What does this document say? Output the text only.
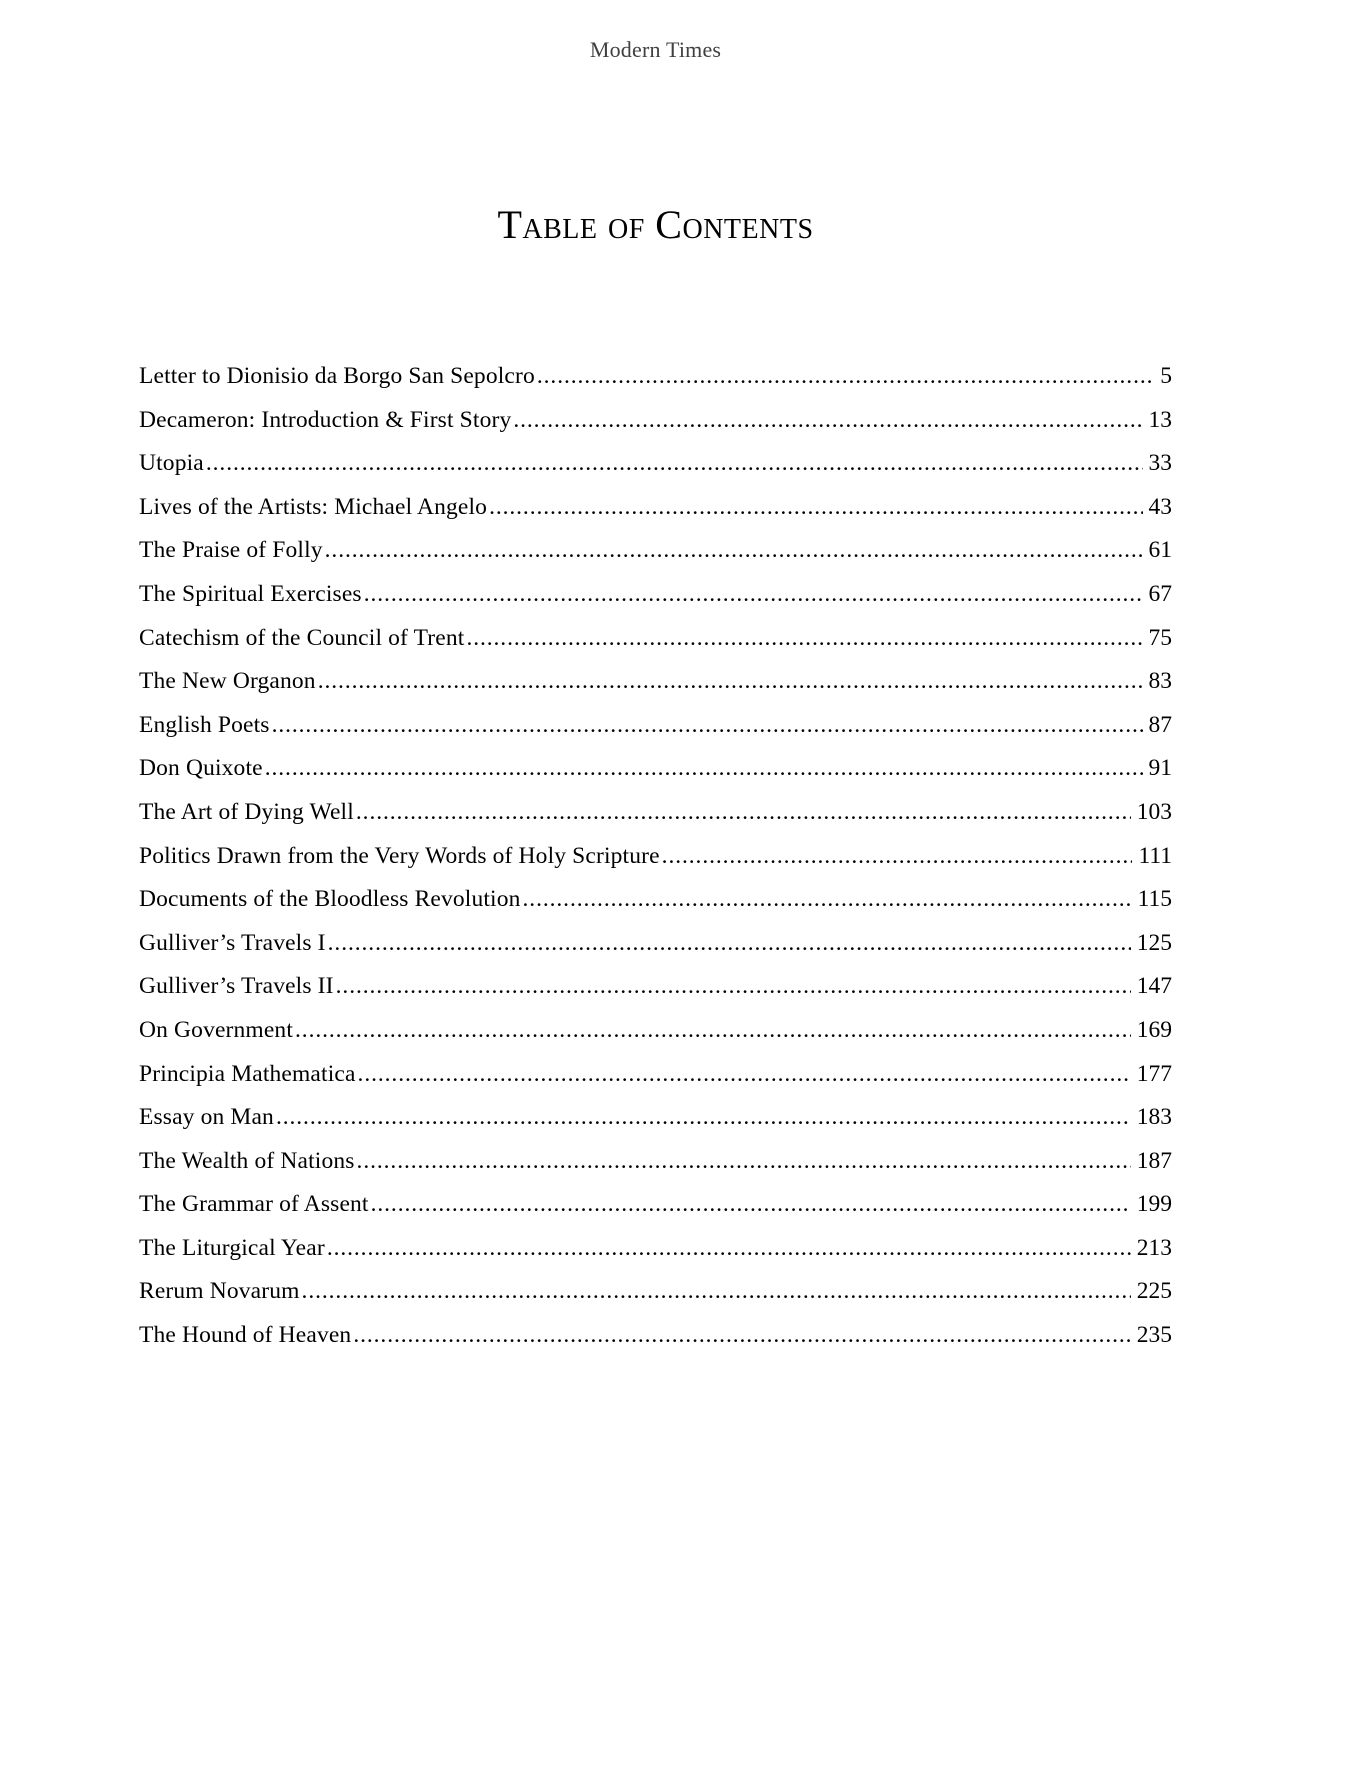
Modern Times
Table of Contents
Letter to Dionisio da Borgo San Sepolcro .....	5
Decameron: Introduction & First Story .....	13
Utopia .....	33
Lives of the Artists: Michael Angelo .....	43
The Praise of Folly .....	61
The Spiritual Exercises .....	67
Catechism of the Council of Trent .....	75
The New Organon .....	83
English Poets .....	87
Don Quixote .....	91
The Art of Dying Well .....	103
Politics Drawn from the Very Words of Holy Scripture .....	111
Documents of the Bloodless Revolution .....	115
Gulliver’s Travels I .....	125
Gulliver’s Travels II .....	147
On Government .....	169
Principia Mathematica .....	177
Essay on Man .....	183
The Wealth of Nations .....	187
The Grammar of Assent .....	199
The Liturgical Year .....	213
Rerum Novarum .....	225
The Hound of Heaven .....	235
